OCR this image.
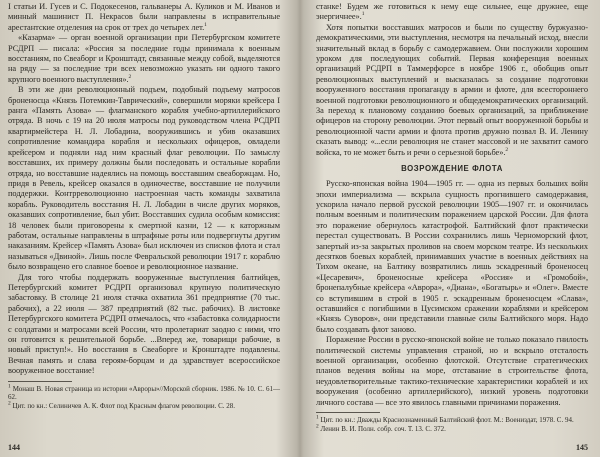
I статьи И. Гусев и С. Подокесенов, гальванеры А. Куликов и М. Иванов и минный машинист П. Некрасов были направлены в исправительные арестантские отделения на срок от трех до четырех лет.$^1$

«Казарма» — орган военной организации при Петербургском комитете РСДРП — писала: «Россия за последние годы принимала к военным восстаниям, по Свеаборг и Кронштадт, связанные между собой, выделяются на ряду — за последние три всех невозможно указать ни одного такого крупного военного выступления».$^2$

В эти же дни революционный подъем, подобный подъему матросов броненосца «Князь Потемкин-Таврический», совершили моряки крейсера I ранга «Память Азова» — флагманского корабля учебно-артиллерийского отряда. В ночь с 19 на 20 июля матросы под руководством члена РСДРП квартирмейстера Н. Л. Лобадина, вооружившись и убив оказавших сопротивление командира корабля и нескольких офицеров, овладели крейсером и подняли над ним красный флаг революции. По замыслу восставших, их примеру должны были последовать и остальные корабли отряда, но восставшие надеялись на помощь восставшим свеаборжцам. Но, придя в Ревель, крейсер оказался в одиночестве, восставшие не получили поддержки. Контрреволюционно настроенная часть команды захватила корабль. Руководитель восстания Н. Л. Лобадин в числе других моряков, оказавших сопротивление, был убит. Восставших судила особым комиссия: 18 человек были приговорены к смертной казни, 12 — к каторжным работам, остальные направлены в штрафные роты или подвергнуты другим наказаниям. Крейсер «Память Азова» был исключен из списков флота и стал называться «Двиной». Лишь после Февральской революции 1917 г. кораблю было возвращено его славное боевое и революционное название.

Для того чтобы поддержать вооруженные выступления балтийцев, Петербургский комитет РСДРП организовал крупную политическую забастовку. В столице 21 июля стачка охватила 361 предприятие (70 тыс. рабочих), а 22 июля — 387 предприятий (82 тыс. рабочих). В листовке Петербургского комитета РСДРП отмечалось, что «забастовка солидарности с солдатами и матросами всей России, что пролетариат заодно с ними, что он готовится к решительной борьбе. ...Вперед же, товарищи рабочие, в новый приступ!». Но восстания в Свеаборге и Кронштадте подавлены. Вечная память и слава героям-борцам и да здравствует всероссийское вооруженное восстание!

$^1$ Монаш В. Новая страница из истории «Авроры»//Морской сборник. 1986. № 10. С. 61—62.

$^2$ Цит. по кн.: Селиничев А. К. Флот под Красным флагом революции. С. 28.

144

станке! Будем же готовиться к нему еще сильнее, еще дружнее, еще энергичнее».$^1$

Хотя попытки восставших матросов и были по существу буржуазно-демократическими, эти выступления, несмотря на печальный исход, внесли значительный вклад в борьбу с самодержавием. Они послужили хорошим уроком для последующих событий. Первая конференция военных организаций РСДРП в Таммерфорсе в ноябре 1906 г., обобщив опыт революционных выступлений и высказалась за создание подготовки вооруженного восстания пропаганду в армии и флоте, для всестороннего военной подготовки революционного и общедемократических организаций. За переход к плановому созданию боевых организаций, за приближение офицеров на сторону революции. Этот первый опыт вооруженной борьбы и революционной части армии и флота против дружно позвал В. И. Ленину сказать вывод: «...если революция не станет массовой и не захватит самого войска, то не может быть и речи о серьезной борьбе».$^2$

ВОЗРОЖДЕНИЕ ФЛОТА

Русско-японская война 1904—1905 гг. — одна из первых больших войн эпохи империализма — вскрыла сущность прогнившего самодержавия, ускорила начало первой русской революции 1905—1907 гг. и окончилась полным военным и политическим поражением царской России. Для флота это поражение обернулось катастрофой. Балтийский флот практически перестал существовать. В России сохранились лишь Черноморский флот, запертый из-за закрытых проливов на своем морском театре. Из нескольких десятков боевых кораблей, принимавших участие в военных действиях на Тихом океане, на Балтику возвратились лишь эскадренный броненосец «Цесаревич», броненосные крейсера «Россия» и «Громобой», бронепалубные крейсера «Аврора», «Диана», «Богатырь» и «Олег». Вместе со вступившим в строй в 1905 г. эскадренным броненосцем «Слава», оставшийся с погибшими в Цусимском сражении кораблями и крейсером «Князь Суворов», они представили главные силы Балтийского моря. Надо было создавать флот заново.

Поражение России в русско-японской войне не только показало гнилость политической системы управления страной, но и вскрыло отсталость военной организации, особенно флотской. Отсутствие стратегических планов ведения войны на море, отставание в строительстве флота, неудовлетворительные тактико-технические характеристики кораблей и их вооружения (особенно артиллерийского), низкий уровень подготовки личного состава — все это явилось главными причинами поражения.

$^1$ Цит. по кн.: Дважды Краснознаменный Балтийский флот. М.: Воениздат, 1978. С. 94.

$^2$ Ленин В. И. Полн. собр. соч. Т. 13. С. 372.

145
